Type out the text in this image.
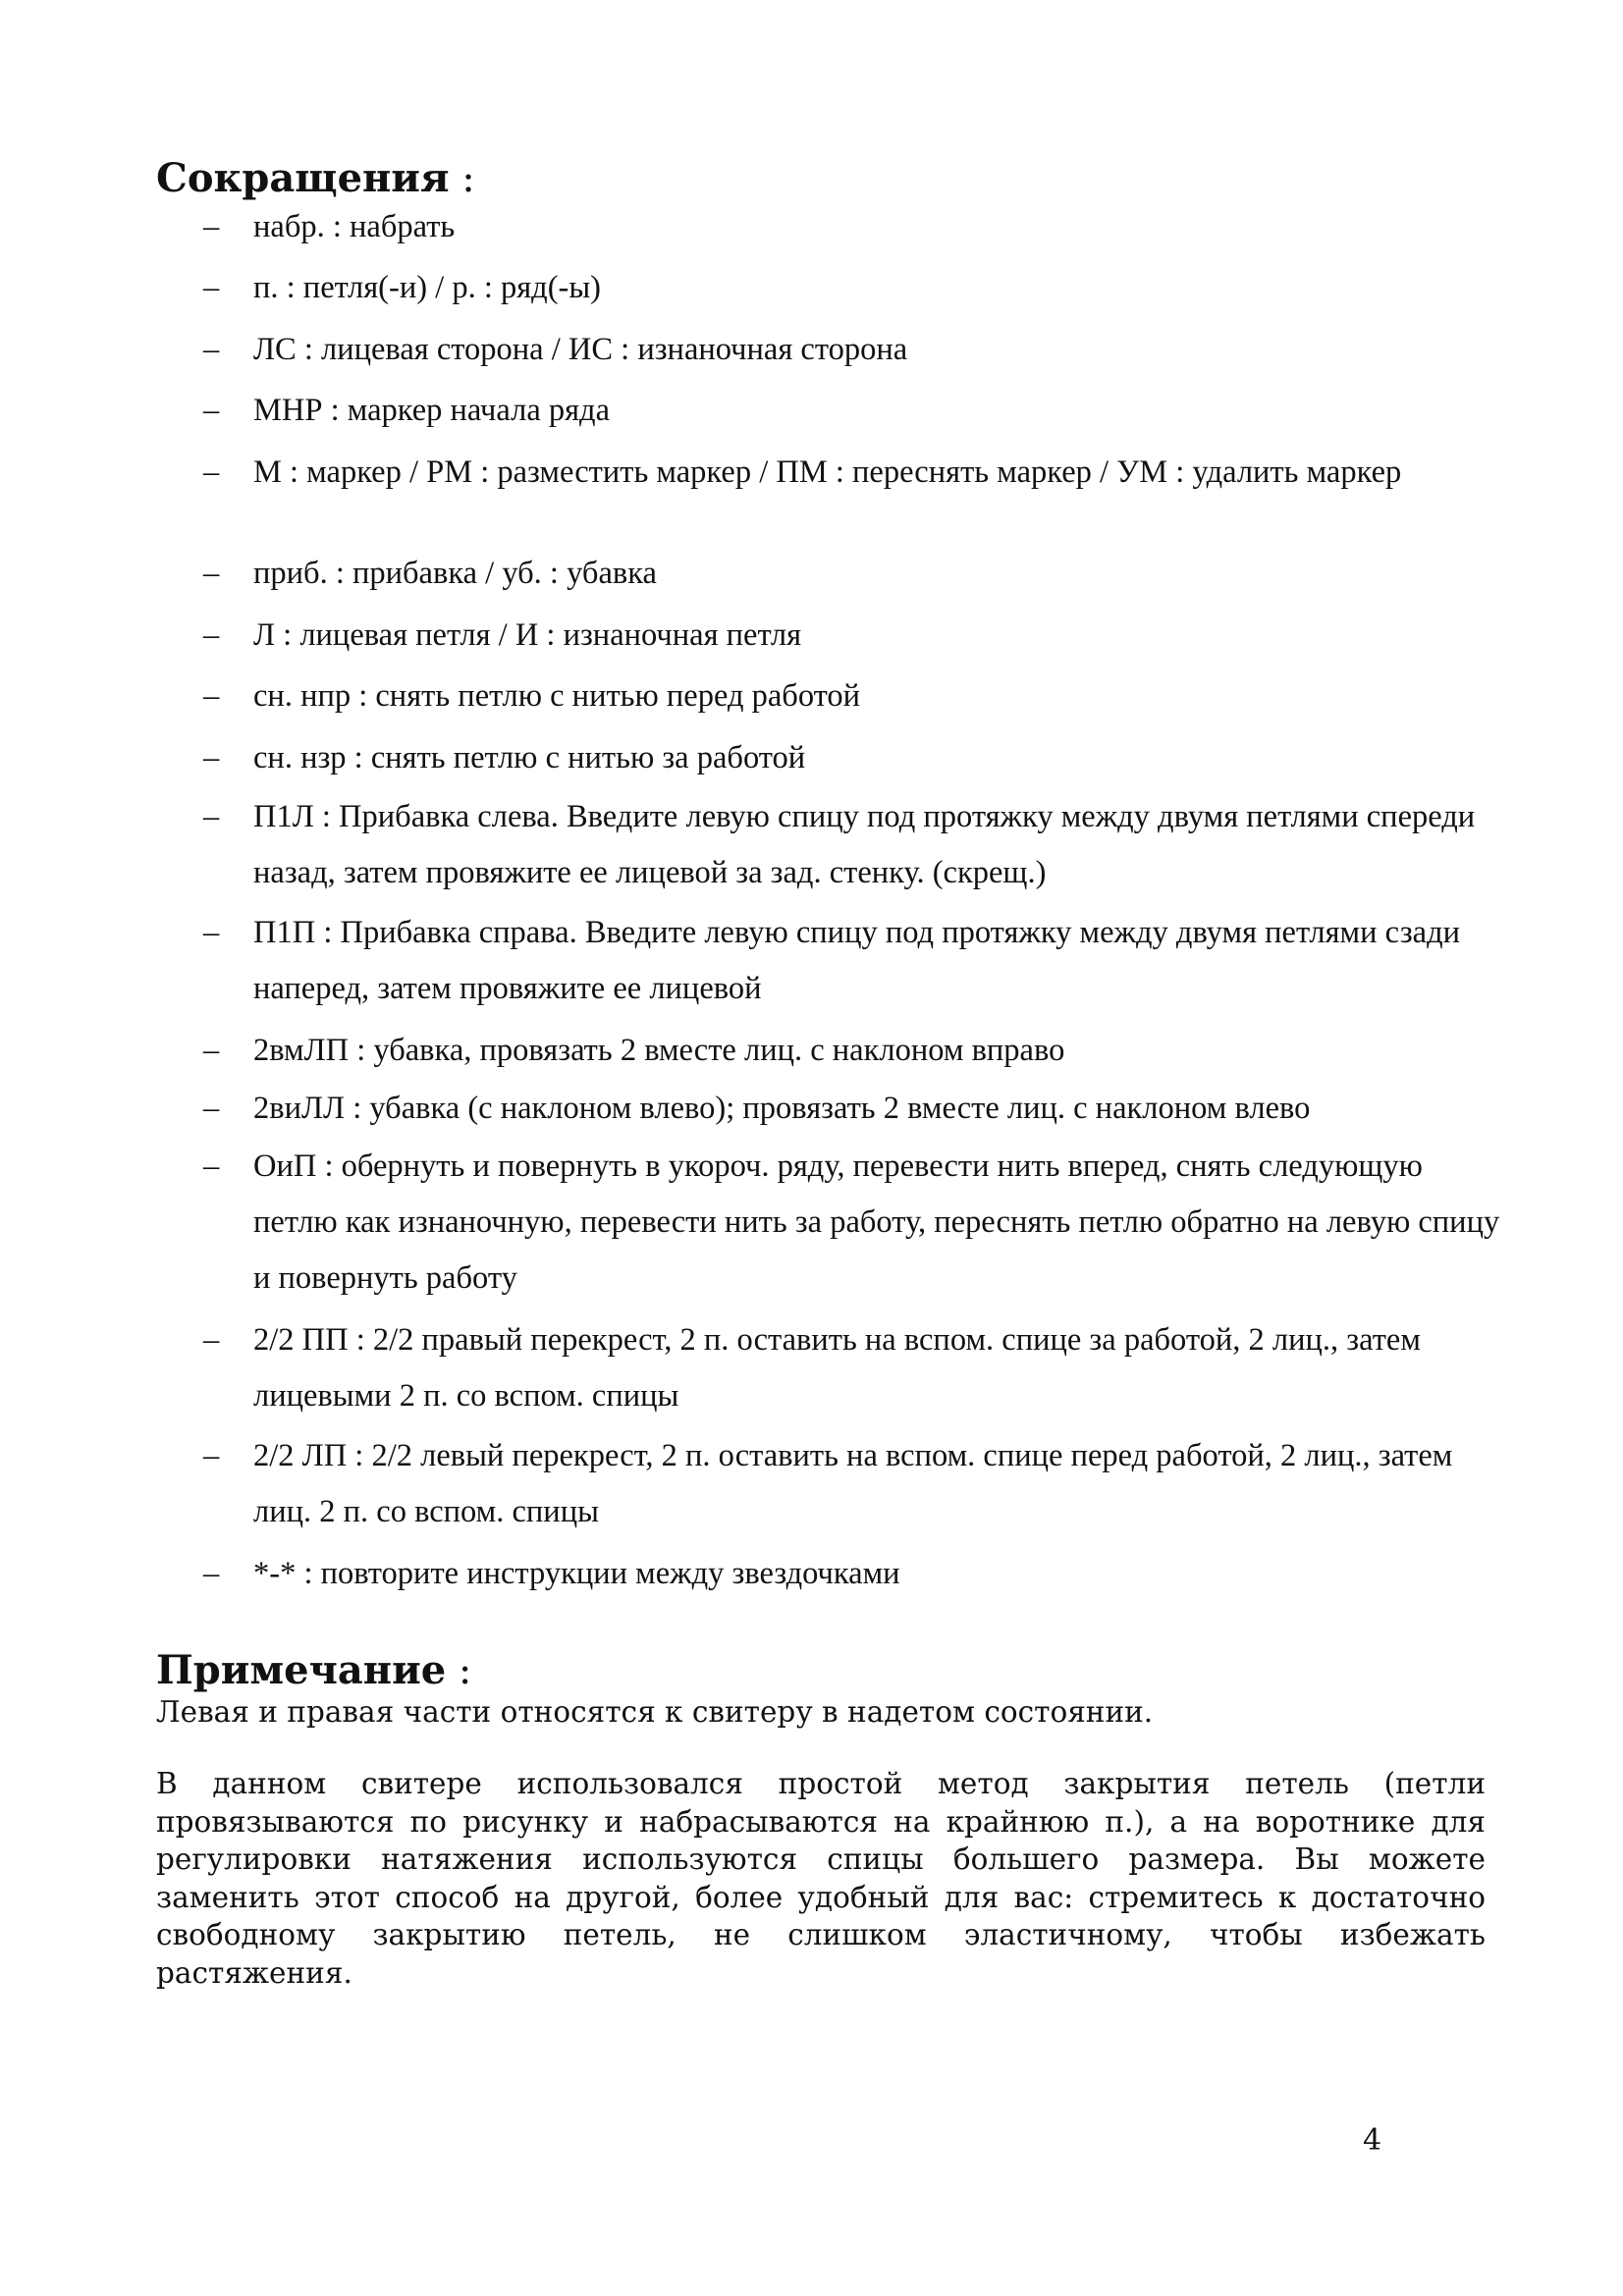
Сокращения :
– набр. : набрать
– п. : петля(-и) / р. : ряд(-ы)
– ЛС : лицевая сторона / ИС : изнаночная сторона
– МНР : маркер начала ряда
– М : маркер / РМ : разместить маркер / ПМ : переснять маркер / УМ : удалить маркер
– приб. : прибавка / уб. : убавка
– Л : лицевая петля / И : изнаночная петля
– сн. нпр : снять петлю с нитью перед работой
– сн. нзр : снять петлю с нитью за работой
– П1Л : Прибавка слева. Введите левую спицу под протяжку между двумя петлями спереди назад, затем провяжите ее лицевой за зад. стенку. (скрещ.)
– П1П : Прибавка справа. Введите левую спицу под протяжку между двумя петлями сзади наперед, затем провяжите ее лицевой
– 2вмЛП : убавка, провязать 2 вместе лиц. с наклоном вправо
– 2виЛЛ : убавка (с наклоном влево); провязать 2 вместе лиц. с наклоном влево
– ОиП : обернуть и повернуть в укороч. ряду, перевести нить вперед, снять следующую петлю как изнаночную, перевести нить за работу, переснять петлю обратно на левую спицу и повернуть работу
– 2/2 ПП : 2/2 правый перекрест, 2 п. оставить на вспом. спице за работой, 2 лиц., затем лицевыми 2 п. со вспом. спицы
– 2/2 ЛП : 2/2 левый перекрест, 2 п. оставить на вспом. спице перед работой, 2 лиц., затем лиц. 2 п. со вспом. спицы
– *-* : повторите инструкции между звездочками
Примечание :

Левая и правая части относятся к свитеру в надетом состоянии.

В данном свитере использовался простой метод закрытия петель (петли провязываются по рисунку и набрасываются на крайнюю п.), а на воротнике для регулировки натяжения используются спицы большего размера. Вы можете заменить этот способ на другой, более удобный для вас: стремитесь к достаточно свободному закрытию петель, не слишком эластичному, чтобы избежать растяжения.

4
